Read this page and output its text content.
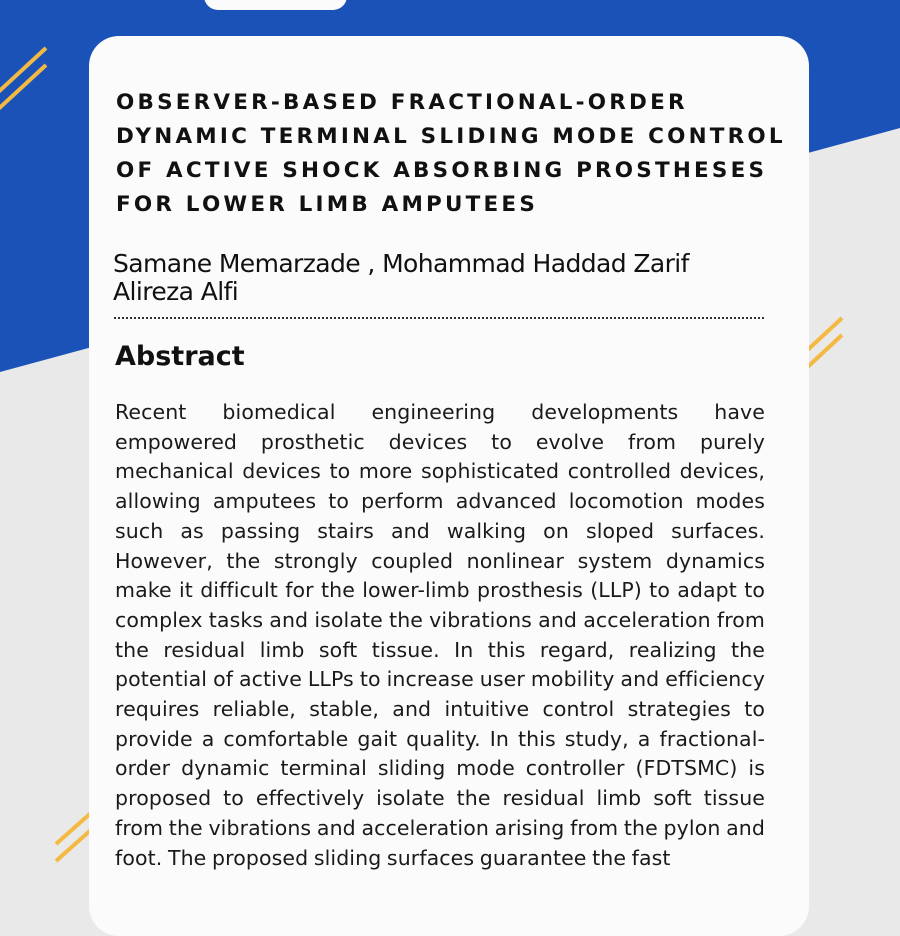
OBSERVER-BASED FRACTIONAL-ORDER DYNAMIC TERMINAL SLIDING MODE CONTROL OF ACTIVE SHOCK ABSORBING PROSTHESES FOR LOWER LIMB AMPUTEES
Samane Memarzade , Mohammad Haddad Zarif
Alireza Alfi
Abstract

Recent biomedical engineering developments have empowered prosthetic devices to evolve from purely mechanical devices to more sophisticated controlled devices, allowing amputees to perform advanced locomotion modes such as passing stairs and walking on sloped surfaces. However, the strongly coupled nonlinear system dynamics make it difficult for the lower-limb prosthesis (LLP) to adapt to complex tasks and isolate the vibrations and acceleration from the residual limb soft tissue. In this regard, realizing the potential of active LLPs to increase user mobility and efficiency requires reliable, stable, and intuitive control strategies to provide a comfortable gait quality. In this study, a fractional-order dynamic terminal sliding mode controller (FDTSMC) is proposed to effectively isolate the residual limb soft tissue from the vibrations and acceleration arising from the pylon and foot. The proposed sliding surfaces guarantee the fast
